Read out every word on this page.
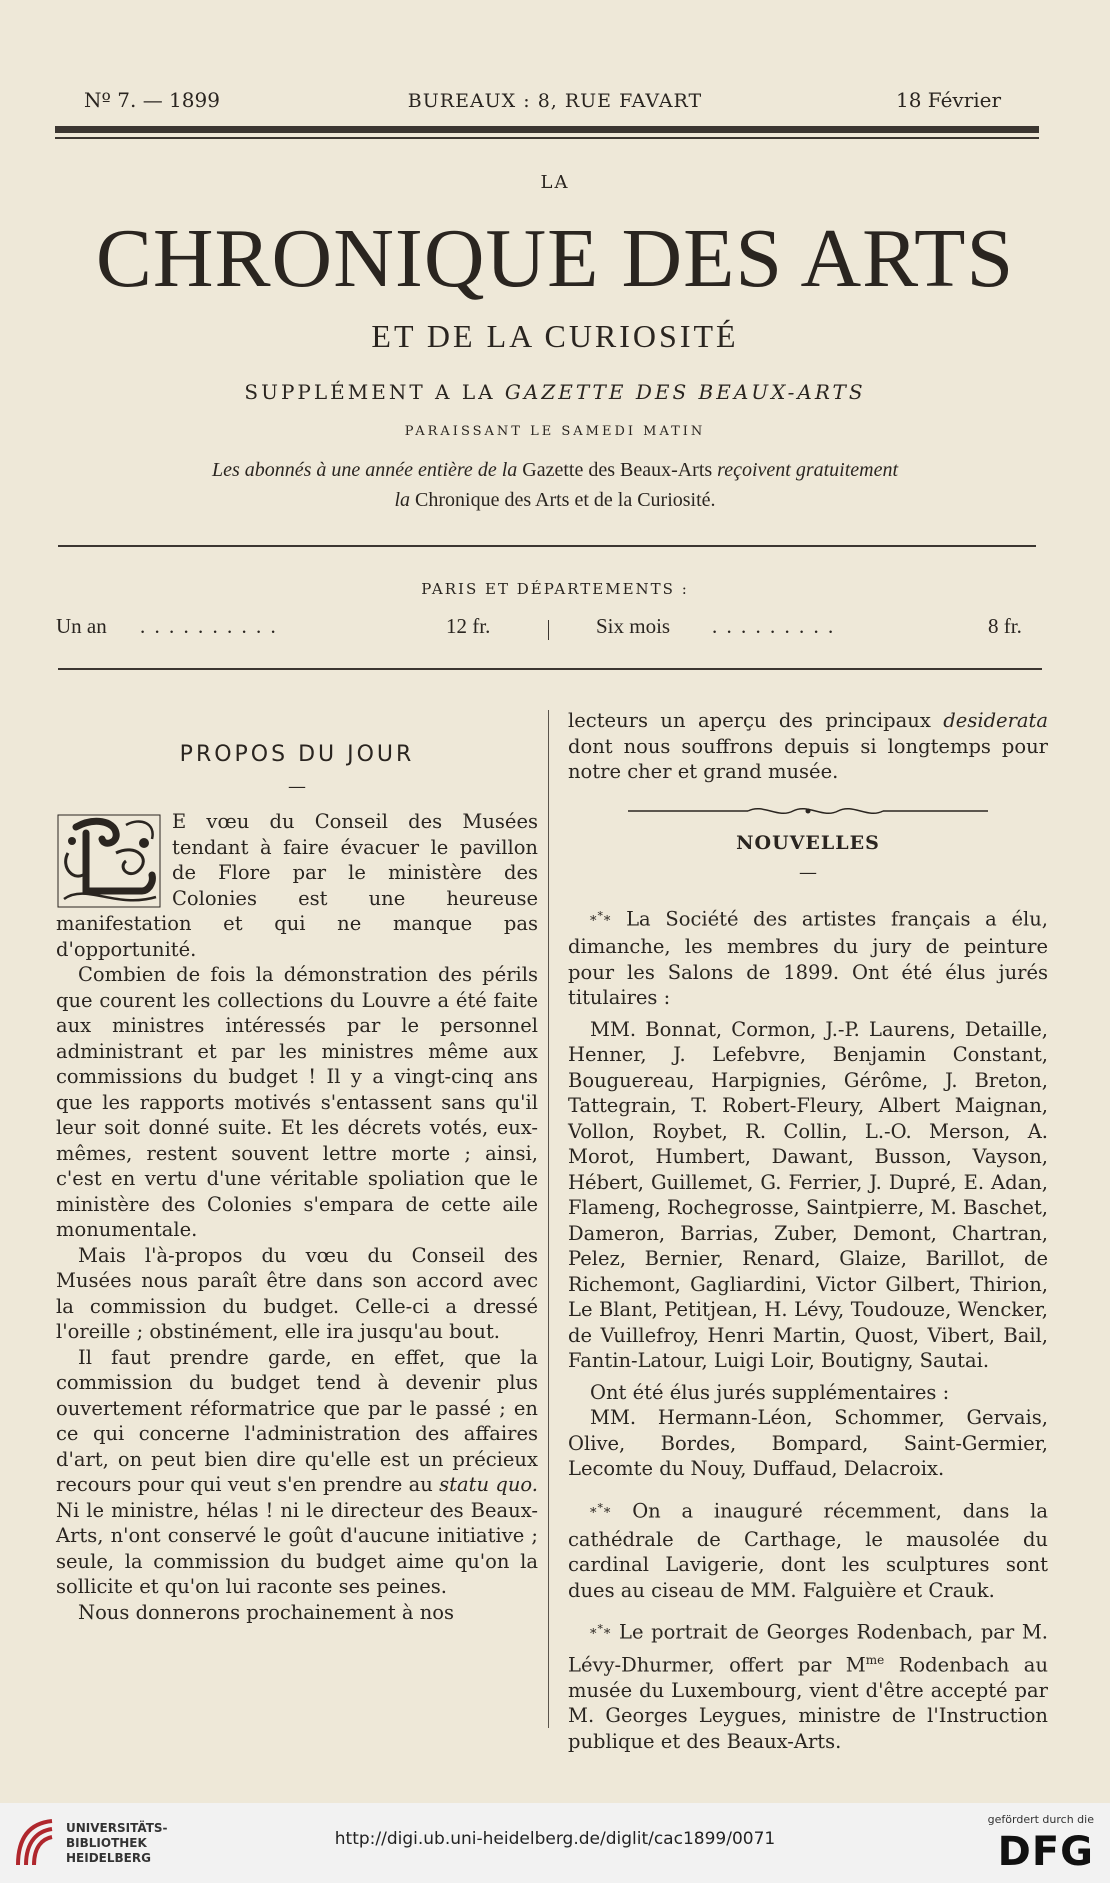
Nº 7. — 1899	BUREAUX : 8, RUE FAVART	18 Février
LA
CHRONIQUE DES ARTS
ET DE LA CURIOSITÉ
SUPPLÉMENT A LA GAZETTE DES BEAUX-ARTS
PARAISSANT LE SAMEDI MATIN
Les abonnés à une année entière de la Gazette des Beaux-Arts reçoivent gratuitement
la Chronique des Arts et de la Curiosité.
PARIS ET DÉPARTEMENTS :
Un an . . . . . . . . . .	12 fr.	Six mois . . . . . . . . .	8 fr.
PROPOS DU JOUR
—

E vœu du Conseil des Musées tendant à faire évacuer le pavillon de Flore par le ministère des Colonies est une heureuse manifestation et qui ne manque pas d'opportunité.

Combien de fois la démonstration des périls que courent les collections du Louvre a été faite aux ministres intéressés par le personnel administrant et par les ministres même aux commissions du budget ! Il y a vingt-cinq ans que les rapports motivés s'entassent sans qu'il leur soit donné suite. Et les décrets votés, eux-mêmes, restent souvent lettre morte ; ainsi, c'est en vertu d'une véritable spoliation que le ministère des Colonies s'empara de cette aile monumentale.

Mais l'à-propos du vœu du Conseil des Musées nous paraît être dans son accord avec la commission du budget. Celle-ci a dressé l'oreille ; obstinément, elle ira jusqu'au bout.

Il faut prendre garde, en effet, que la commission du budget tend à devenir plus ouvertement réformatrice que par le passé ; en ce qui concerne l'administration des affaires d'art, on peut bien dire qu'elle est un précieux recours pour qui veut s'en prendre au statu quo. Ni le ministre, hélas ! ni le directeur des Beaux-Arts, n'ont conservé le goût d'aucune initiative ; seule, la commission du budget aime qu'on la sollicite et qu'on lui raconte ses peines.

Nous donnerons prochainement à nos

lecteurs un aperçu des principaux desiderata dont nous souffrons depuis si longtemps pour notre cher et grand musée.

NOUVELLES
—

*** La Société des artistes français a élu, dimanche, les membres du jury de peinture pour les Salons de 1899. Ont été élus jurés titulaires :

MM. Bonnat, Cormon, J.-P. Laurens, Detaille, Henner, J. Lefebvre, Benjamin Constant, Bouguereau, Harpignies, Gérôme, J. Breton, Tattegrain, T. Robert-Fleury, Albert Maignan, Vollon, Roybet, R. Collin, L.-O. Merson, A. Morot, Humbert, Dawant, Busson, Vayson, Hébert, Guillemet, G. Ferrier, J. Dupré, E. Adan, Flameng, Rochegrosse, Saintpierre, M. Baschet, Dameron, Barrias, Zuber, Demont, Chartran, Pelez, Bernier, Renard, Glaize, Barillot, de Richemont, Gagliardini, Victor Gilbert, Thirion, Le Blant, Petitjean, H. Lévy, Toudouze, Wencker, de Vuillefroy, Henri Martin, Quost, Vibert, Bail, Fantin-Latour, Luigi Loir, Boutigny, Sautai.

Ont été élus jurés supplémentaires :

MM. Hermann-Léon, Schommer, Gervais, Olive, Bordes, Bompard, Saint-Germier, Lecomte du Nouy, Duffaud, Delacroix.

*** On a inauguré récemment, dans la cathédrale de Carthage, le mausolée du cardinal Lavigerie, dont les sculptures sont dues au ciseau de MM. Falguière et Crauk.

*** Le portrait de Georges Rodenbach, par M. Lévy-Dhurmer, offert par $M^{me}$ Rodenbach au musée du Luxembourg, vient d'être accepté par M. Georges Leygues, ministre de l'Instruction publique et des Beaux-Arts.

UNIVERSITÄTS-
BIBLIOTHEK
HEIDELBERG
http://digi.ub.uni-heidelberg.de/diglit/cac1899/0071
gefördert durch die
DFG
